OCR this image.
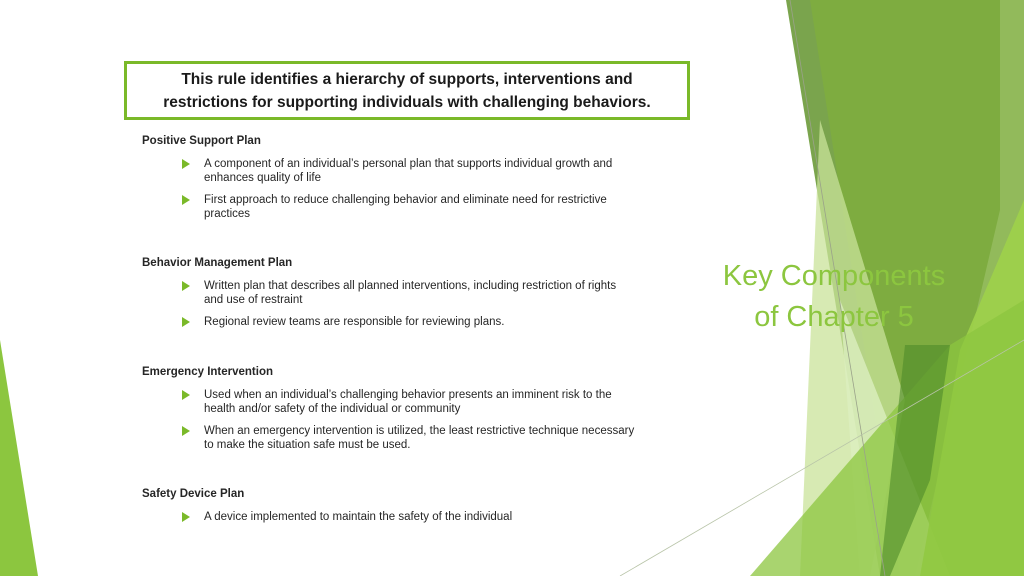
This rule identifies a hierarchy of supports, interventions and
restrictions for supporting individuals with challenging behaviors.
Positive Support Plan
A component of an individual’s personal plan that supports individual growth and
enhances quality of life
First approach to reduce challenging behavior and eliminate need for restrictive
practices
Behavior Management Plan
Written plan that describes all planned interventions, including restriction of rights
and use of restraint
Regional review teams are responsible for reviewing plans.
Emergency Intervention
Used when an individual’s challenging behavior presents an imminent risk to the
health and/or safety of the individual or community
When an emergency intervention is utilized, the least restrictive technique necessary
to make the situation safe must be used.
Safety Device Plan
A device implemented to maintain the safety of the individual
Key Components
of Chapter 5
